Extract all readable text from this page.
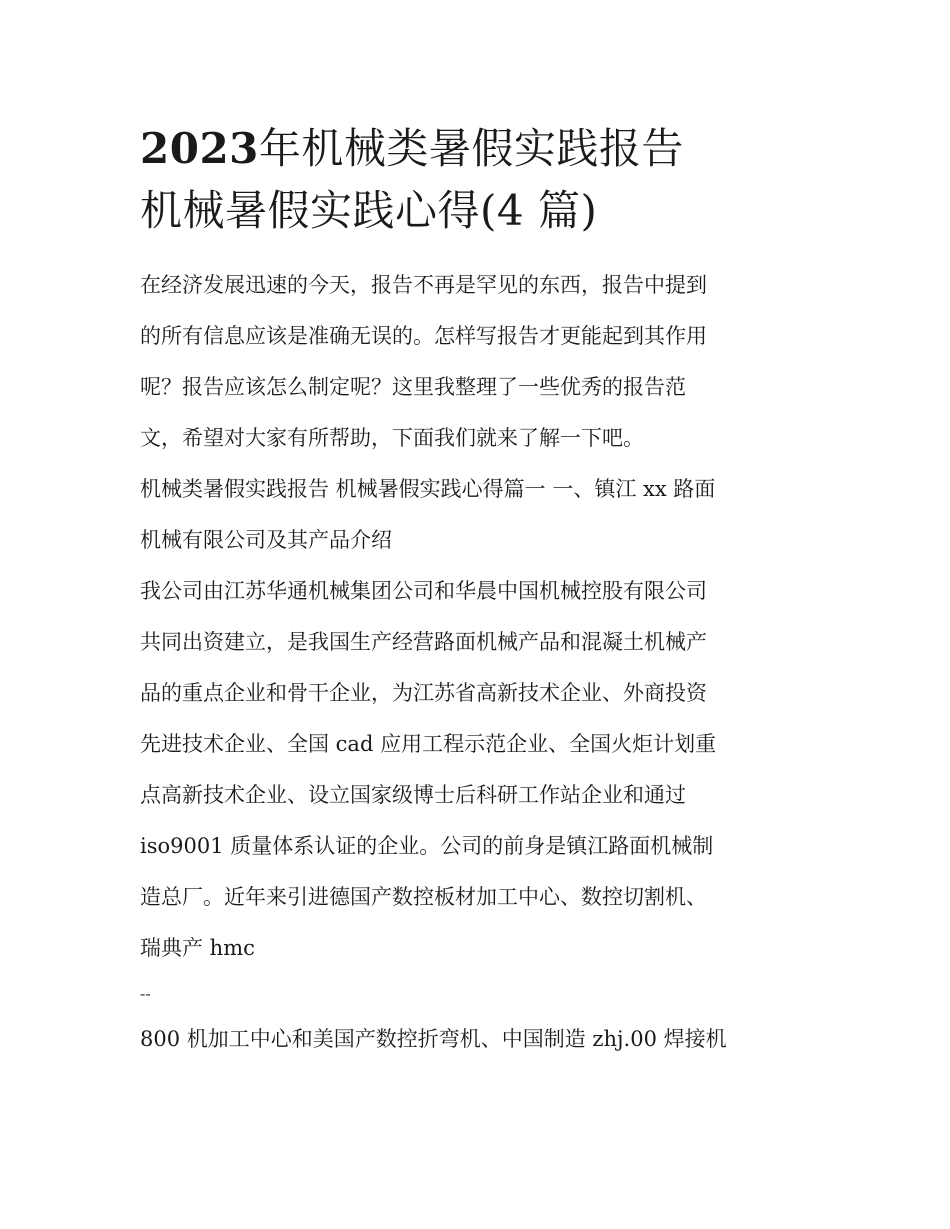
2023年机械类暑假实践报告
机械暑假实践心得(4 篇)
在经济发展迅速的今天，报告不再是罕见的东西，报告中提到
的所有信息应该是准确无误的。怎样写报告才更能起到其作用
呢？报告应该怎么制定呢？这里我整理了一些优秀的报告范
文，希望对大家有所帮助，下面我们就来了解一下吧。
机械类暑假实践报告 机械暑假实践心得篇一 一、镇江 xx 路面
机械有限公司及其产品介绍
我公司由江苏华通机械集团公司和华晨中国机械控股有限公司
共同出资建立，是我国生产经营路面机械产品和混凝土机械产
品的重点企业和骨干企业，为江苏省高新技术企业、外商投资
先进技术企业、全国 cad 应用工程示范企业、全国火炬计划重
点高新技术企业、设立国家级博士后科研工作站企业和通过
iso9001 质量体系认证的企业。公司的前身是镇江路面机械制
造总厂。近年来引进德国产数控板材加工中心、数控切割机、
瑞典产 hmc
--
800 机加工中心和美国产数控折弯机、中国制造 zhj.00 焊接机
